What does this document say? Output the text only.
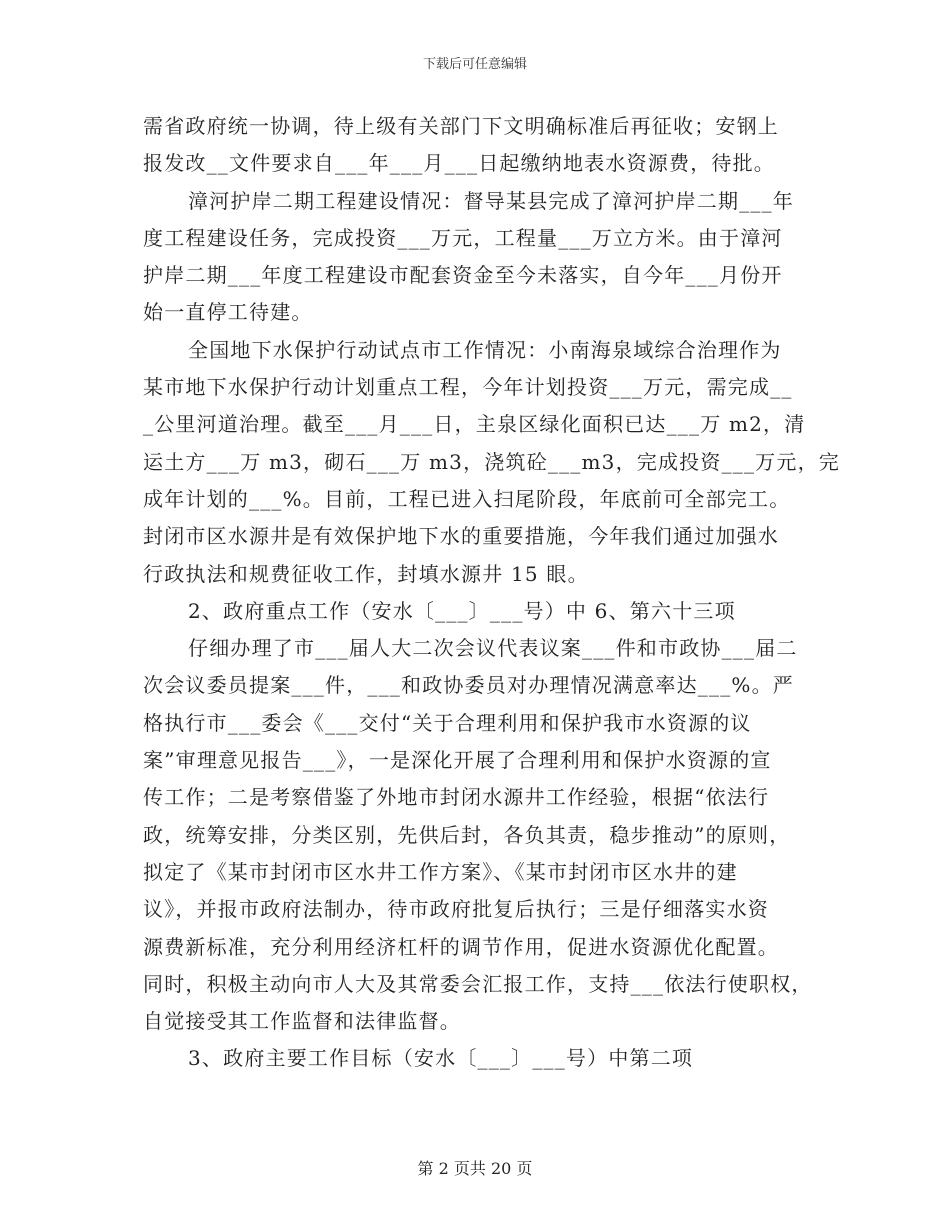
下载后可任意编辑
需省政府统一协调，待上级有关部门下文明确标准后再征收；安钢上
报发改__文件要求自___年___月___日起缴纳地表水资源费，待批。
漳河护岸二期工程建设情况：督导某县完成了漳河护岸二期___年
度工程建设任务，完成投资___万元，工程量___万立方米。由于漳河
护岸二期___年度工程建设市配套资金至今未落实，自今年___月份开
始一直停工待建。
全国地下水保护行动试点市工作情况：小南海泉域综合治理作为
某市地下水保护行动计划重点工程，今年计划投资___万元，需完成__
_公里河道治理。截至___月___日，主泉区绿化面积已达___万 m2，清
运土方___万 m3，砌石___万 m3，浇筑砼___m3，完成投资___万元，完
成年计划的___%。目前，工程已进入扫尾阶段，年底前可全部完工。
封闭市区水源井是有效保护地下水的重要措施，今年我们通过加强水
行政执法和规费征收工作，封填水源井 15 眼。
2、政府重点工作（安水〔___〕___号）中 6、第六十三项
仔细办理了市___届人大二次会议代表议案___件和市政协___届二
次会议委员提案___件，___和政协委员对办理情况满意率达___%。严
格执行市___委会《___交付“关于合理利用和保护我市水资源的议
案”审理意见报告___》，一是深化开展了合理利用和保护水资源的宣
传工作；二是考察借鉴了外地市封闭水源井工作经验，根据“依法行
政，统筹安排，分类区别，先供后封，各负其责，稳步推动”的原则，
拟定了《某市封闭市区水井工作方案》、《某市封闭市区水井的建
议》，并报市政府法制办，待市政府批复后执行；三是仔细落实水资
源费新标准，充分利用经济杠杆的调节作用，促进水资源优化配置。
同时，积极主动向市人大及其常委会汇报工作，支持___依法行使职权，
自觉接受其工作监督和法律监督。
3、政府主要工作目标（安水〔___〕___号）中第二项
第 2 页共 20 页
